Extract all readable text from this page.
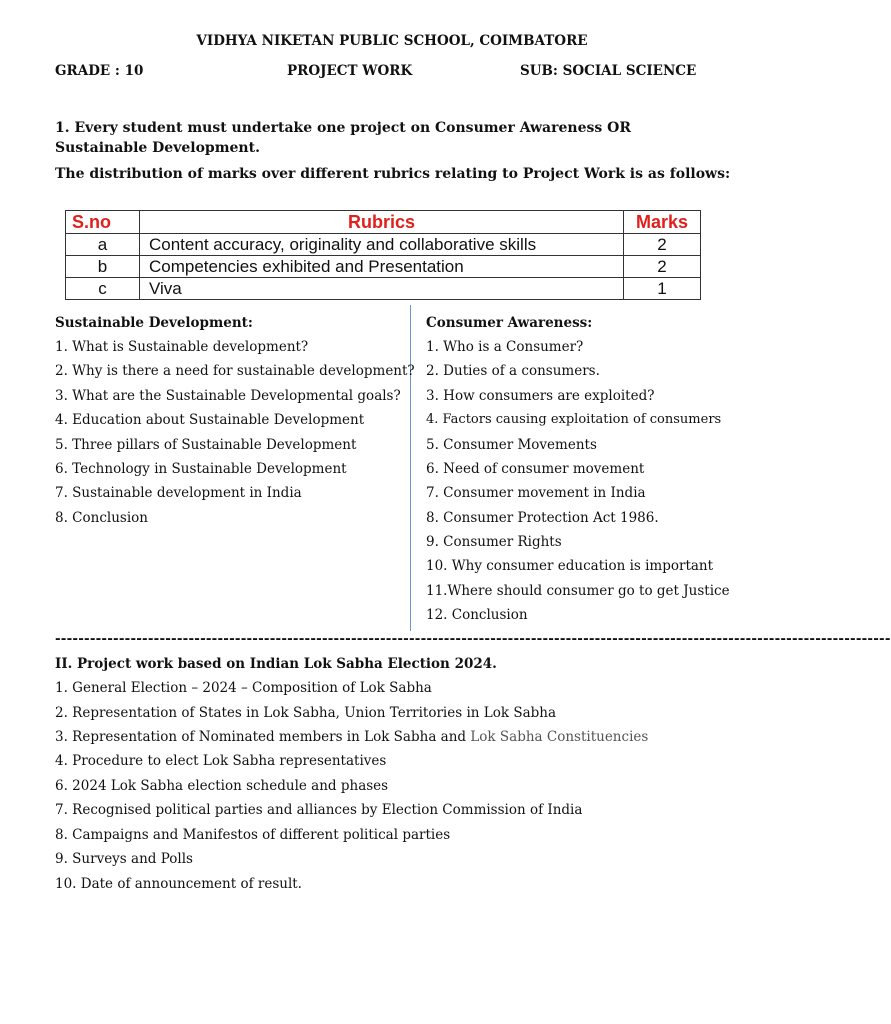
VIDHYA NIKETAN PUBLIC SCHOOL, COIMBATORE
GRADE : 10	PROJECT WORK	SUB: SOCIAL SCIENCE
1. Every student must undertake one project on Consumer Awareness OR Sustainable Development.
The distribution of marks over different rubrics relating to Project Work is as follows:
S.no	Rubrics	Marks
a	Content accuracy, originality and collaborative skills	2
b	Competencies exhibited and Presentation	2
c	Viva	1
Sustainable Development:
1. What is Sustainable development?
2. Why is there a need for sustainable development?
3. What are the Sustainable Developmental goals?
4. Education about Sustainable Development
5. Three pillars of Sustainable Development
6. Technology in Sustainable Development
7. Sustainable development in India
8. Conclusion
Consumer Awareness:
1. Who is a Consumer?
2. Duties of a consumers.
3. How consumers are exploited?
4. Factors causing exploitation of consumers
5. Consumer Movements
6. Need of consumer movement
7. Consumer movement in India
8. Consumer Protection Act 1986.
9. Consumer Rights
10. Why consumer education is important
11.Where should consumer go to get Justice
12. Conclusion
------------------------------------------------------------------------------------------------------------------------------------------------
II. Project work based on Indian Lok Sabha Election 2024.
1. General Election – 2024 – Composition of Lok Sabha
2. Representation of States in Lok Sabha, Union Territories in Lok Sabha
3. Representation of Nominated members in Lok Sabha and Lok Sabha Constituencies
4. Procedure to elect Lok Sabha representatives
6. 2024 Lok Sabha election schedule and phases
7. Recognised political parties and alliances by Election Commission of India
8. Campaigns and Manifestos of different political parties
9. Surveys and Polls
10. Date of announcement of result.
